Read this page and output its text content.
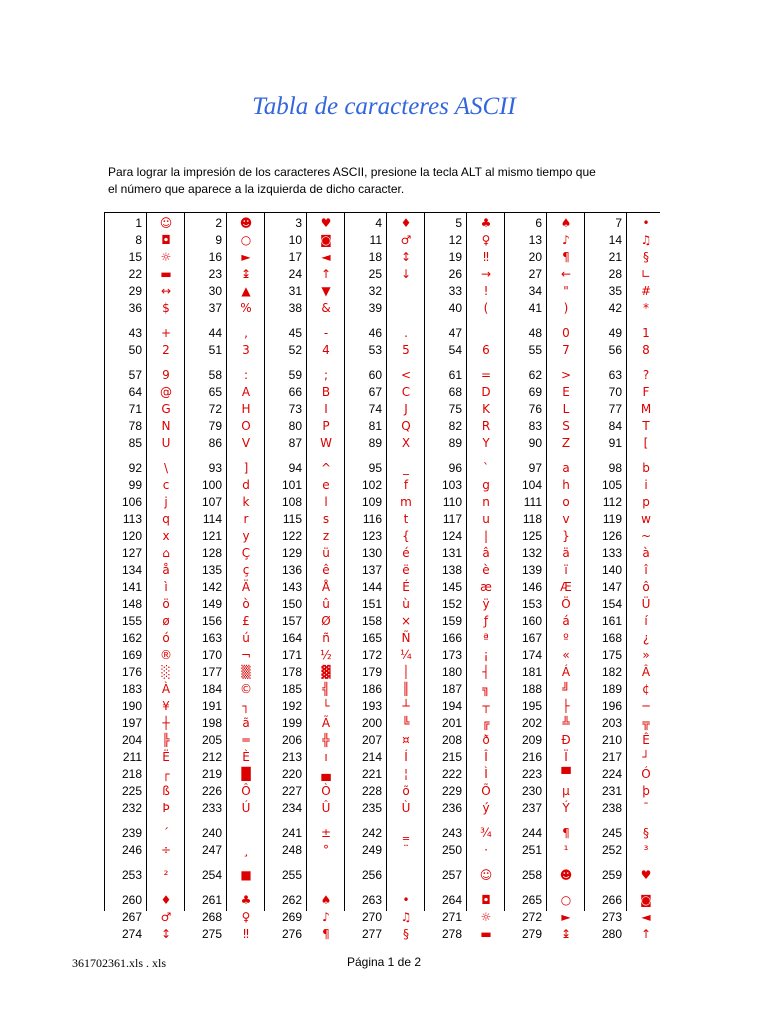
Tabla de caracteres ASCII
Para lograr la impresión de los caracteres ASCII, presione la tecla ALT al mismo tiempo que
el número que aparece a la izquierda de dicho caracter.
1	☺	2	☻	3	♥	4	♦	5	♣	6	♠	7	•
8	◘	9	○	10	◙	11	♂	12	♀	13	♪	14	♫
15	☼	16	►	17	◄	18	↕	19	‼	20	¶	21	§
22	▬	23	↨	24	↑	25	↓	26	→	27	←	28	∟
29	↔	30	▲	31	▼	32	33	!	34	"	35	#
36	$	37	%	38	&	39	40	(	41	)	42	*
43	+	44	,	45	-	46	.	47	48	0	49	1
50	2	51	3	52	4	53	5	54	6	55	7	56	8
57	9	58	:	59	;	60	<	61	=	62	>	63	?
64	@	65	A	66	B	67	C	68	D	69	E	70	F
71	G	72	H	73	I	74	J	75	K	76	L	77	M
78	N	79	O	80	P	81	Q	82	R	83	S	84	T
85	U	86	V	87	W	89	X	89	Y	90	Z	91	[
92	\	93	]	94	^	95	_	96	`	97	a	98	b
99	c	100	d	101	e	102	f	103	g	104	h	105	i
106	j	107	k	108	l	109	m	110	n	111	o	112	p
113	q	114	r	115	s	116	t	117	u	118	v	119	w
120	x	121	y	122	z	123	{	124	|	125	}	126	~
127	⌂	128	Ç	129	ü	130	é	131	â	132	ä	133	à
134	å	135	ç	136	ê	137	ë	138	è	139	ï	140	î
141	ì	142	Ä	143	Å	144	É	145	æ	146	Æ	147	ô
148	ö	149	ò	150	û	151	ù	152	ÿ	153	Ö	154	Ü
155	ø	156	£	157	Ø	158	×	159	ƒ	160	á	161	í
162	ó	163	ú	164	ñ	165	Ñ	166	ª	167	º	168	¿
169	®	170	¬	171	½	172	¼	173	¡	174	«	175	»
176	░	177	▒	178	▓	179	│	180	┤	181	Á	182	Â
183	À	184	©	185	╣	186	║	187	╗	188	╝	189	¢
190	¥	191	┐	192	└	193	┴	194	┬	195	├	196	─
197	┼	198	ã	199	Ã	200	╚	201	╔	202	╩	203	╦
204	╠	205	═	206	╬	207	¤	208	ð	209	Ð	210	Ê
211	Ë	212	È	213	ı	214	Í	215	Î	216	Ï	217	┘
218	┌	219	█	220	▄	221	¦	222	Ì	223	▀	224	Ó
225	ß	226	Ô	227	Ò	228	õ	229	Õ	230	µ	231	þ
232	Þ	233	Ú	234	Û	235	Ù	236	ý	237	Ý	238	¯
239	´	240	241	±	242	‗	243	¾	244	¶	245	§
246	÷	247	¸	248	°	249	¨	250	·	251	¹	252	³
253	²	254	■	255	256	257	☺	258	☻	259	♥
260	♦	261	♣	262	♠	263	•	264	◘	265	○	266	◙
267	♂	268	♀	269	♪	270	♫	271	☼	272	►	273	◄
274	↕	275	‼	276	¶	277	§	278	▬	279	↨	280	↑
361702361.xls . xls	Página 1 de 2
